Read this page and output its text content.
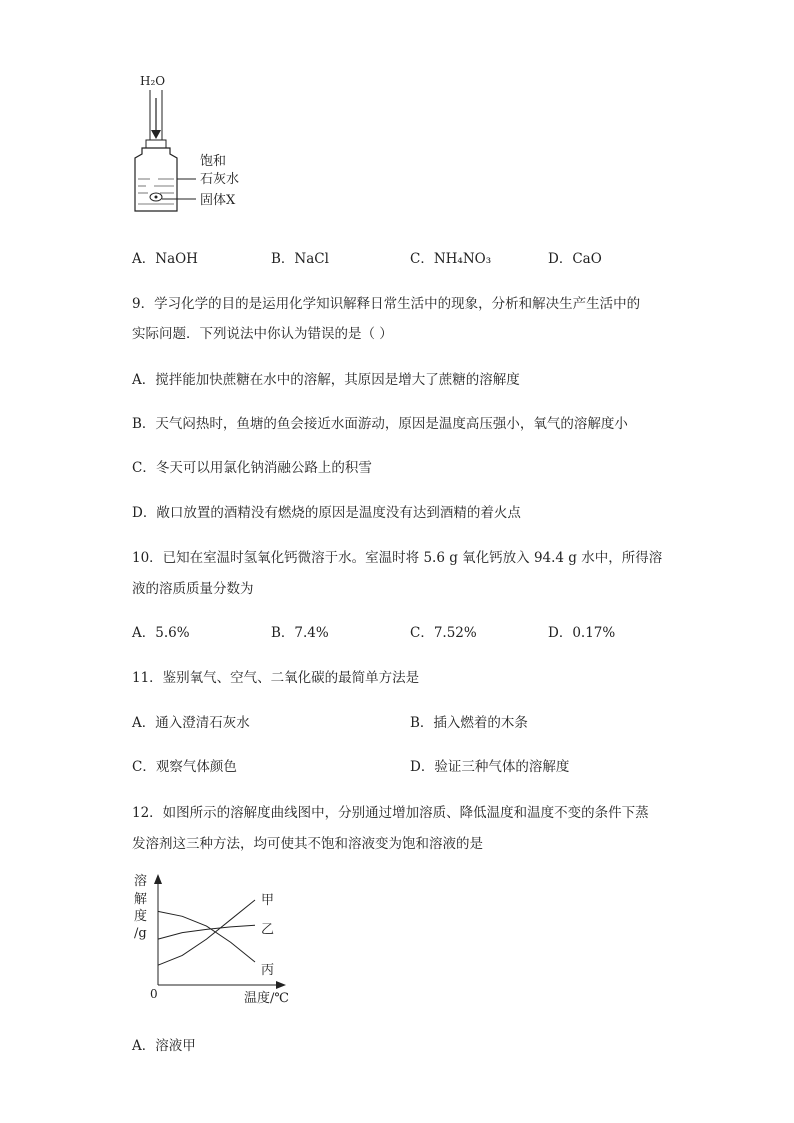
H₂O
饱和
石灰水
固体X
A．NaOH	B．NaCl	C．NH₄NO₃	D．CaO
9．学习化学的目的是运用化学知识解释日常生活中的现象，分析和解决生产生活中的
实际问题．下列说法中你认为错误的是（ ）
A．搅拌能加快蔗糖在水中的溶解，其原因是增大了蔗糖的溶解度
B．天气闷热时，鱼塘的鱼会接近水面游动，原因是温度高压强小，氧气的溶解度小
C．冬天可以用氯化钠消融公路上的积雪
D．敞口放置的酒精没有燃烧的原因是温度没有达到酒精的着火点
10．已知在室温时氢氧化钙微溶于水。室温时将 5.6 g 氧化钙放入 94.4 g 水中，所得溶
液的溶质质量分数为
A．5.6%	B．7.4%	C．7.52%	D．0.17%
11．鉴别氧气、空气、二氧化碳的最简单方法是
A．通入澄清石灰水	B．插入燃着的木条
C．观察气体颜色	D．验证三种气体的溶解度
12．如图所示的溶解度曲线图中，分别通过增加溶质、降低温度和温度不变的条件下蒸
发溶剂这三种方法，均可使其不饱和溶液变为饱和溶液的是
溶
解
度
/g
0	温度/℃
甲
乙
丙
A．溶液甲
